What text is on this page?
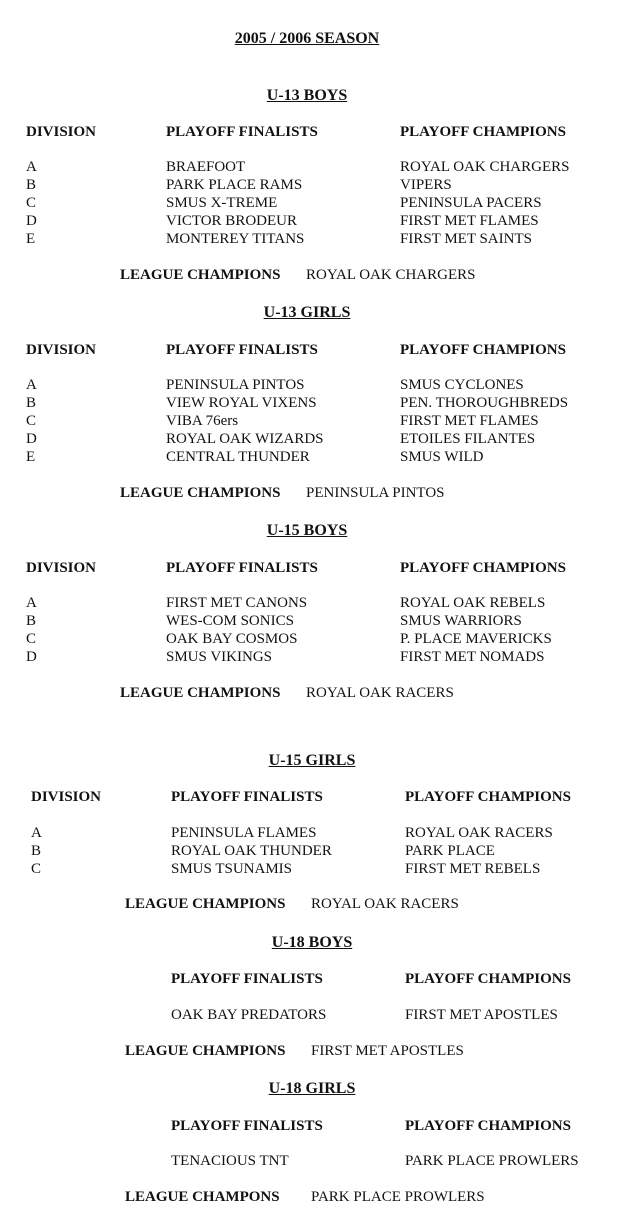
2005 / 2006 SEASON
U-13 BOYS
DIVISION	PLAYOFF FINALISTS	PLAYOFF CHAMPIONS
A	BRAEFOOT	ROYAL OAK CHARGERS
B	PARK PLACE RAMS	VIPERS
C	SMUS X-TREME	PENINSULA PACERS
D	VICTOR BRODEUR	FIRST MET FLAMES
E	MONTEREY TITANS	FIRST MET SAINTS
LEAGUE CHAMPIONS ROYAL OAK CHARGERS
U-13 GIRLS
DIVISION	PLAYOFF FINALISTS	PLAYOFF CHAMPIONS
A	PENINSULA PINTOS	SMUS CYCLONES
B	VIEW ROYAL VIXENS	PEN. THOROUGHBREDS
C	VIBA 76ers	FIRST MET FLAMES
D	ROYAL OAK WIZARDS	ETOILES FILANTES
E	CENTRAL THUNDER	SMUS WILD
LEAGUE CHAMPIONS PENINSULA PINTOS
U-15 BOYS
DIVISION	PLAYOFF FINALISTS	PLAYOFF CHAMPIONS
A	FIRST MET CANONS	ROYAL OAK REBELS
B	WES-COM SONICS	SMUS WARRIORS
C	OAK BAY COSMOS	P. PLACE MAVERICKS
D	SMUS VIKINGS	FIRST MET NOMADS
LEAGUE CHAMPIONS ROYAL OAK RACERS
U-15 GIRLS
DIVISION	PLAYOFF FINALISTS	PLAYOFF CHAMPIONS
A	PENINSULA FLAMES	ROYAL OAK RACERS
B	ROYAL OAK THUNDER	PARK PLACE
C	SMUS TSUNAMIS	FIRST MET REBELS
LEAGUE CHAMPIONS ROYAL OAK RACERS
U-18 BOYS
PLAYOFF FINALISTS	PLAYOFF CHAMPIONS
OAK BAY PREDATORS	FIRST MET APOSTLES
LEAGUE CHAMPIONS FIRST MET APOSTLES
U-18 GIRLS
PLAYOFF FINALISTS	PLAYOFF CHAMPIONS
TENACIOUS TNT	PARK PLACE PROWLERS
LEAGUE CHAMPONS PARK PLACE PROWLERS
